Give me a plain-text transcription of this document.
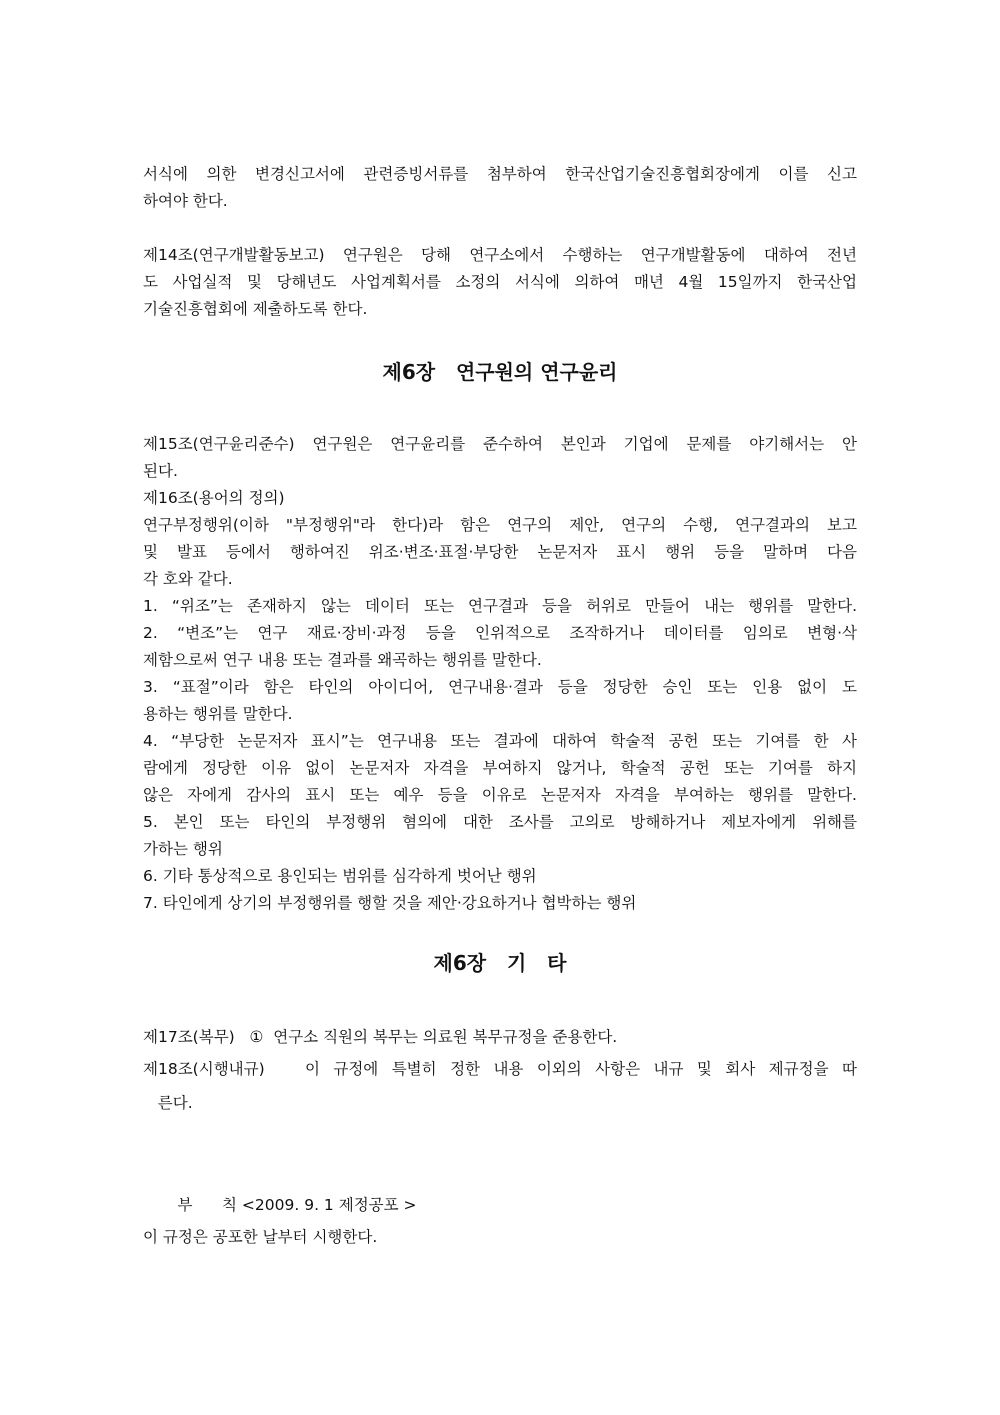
서식에 의한 변경신고서에 관련증빙서류를 첨부하여 한국산업기술진흥협회장에게 이를 신고
하여야 한다.
제14조(연구개발활동보고) 연구원은 당해 연구소에서 수행하는 연구개발활동에 대하여 전년
도 사업실적 및 당해년도 사업계획서를 소정의 서식에 의하여 매년 4월 15일까지 한국산업
기술진흥협회에 제출하도록 한다.
제6장   연구원의 연구윤리
제15조(연구윤리준수) 연구원은 연구윤리를 준수하여 본인과 기업에 문제를 야기해서는 안
된다.
제16조(용어의 정의)
연구부정행위(이하 "부정행위"라 한다)라 함은 연구의 제안, 연구의 수행, 연구결과의 보고
및 발표 등에서 행하여진 위조·변조·표절·부당한 논문저자 표시 행위 등을 말하며 다음
각 호와 같다.
1. “위조”는 존재하지 않는 데이터 또는 연구결과 등을 허위로 만들어 내는 행위를 말한다.
2. “변조”는 연구 재료·장비·과정 등을 인위적으로 조작하거나 데이터를 임의로 변형·삭
제함으로써 연구 내용 또는 결과를 왜곡하는 행위를 말한다.
3. “표절”이라 함은 타인의 아이디어, 연구내용·결과 등을 정당한 승인 또는 인용 없이 도
용하는 행위를 말한다.
4. “부당한 논문저자 표시”는 연구내용 또는 결과에 대하여 학술적 공헌 또는 기여를 한 사
람에게 정당한 이유 없이 논문저자 자격을 부여하지 않거나, 학술적 공헌 또는 기여를 하지
않은 자에게 감사의 표시 또는 예우 등을 이유로 논문저자 자격을 부여하는 행위를 말한다.
5. 본인 또는 타인의 부정행위 혐의에 대한 조사를 고의로 방해하거나 제보자에게 위해를
가하는 행위
6. 기타 통상적으로 용인되는 범위를 심각하게 벗어난 행위
7. 타인에게 상기의 부정행위를 행할 것을 제안·강요하거나 협박하는 행위
제6장   기   타
제17조(복무)   ①  연구소 직원의 복무는 의료원 복무규정을 준용한다.
제18조(시행내규)   이 규정에 특별히 정한 내용 이외의 사항은 내규 및 회사 제규정을 따
른다.
부      칙 <2009. 9. 1 제정공포 >
이 규정은 공포한 날부터 시행한다.
